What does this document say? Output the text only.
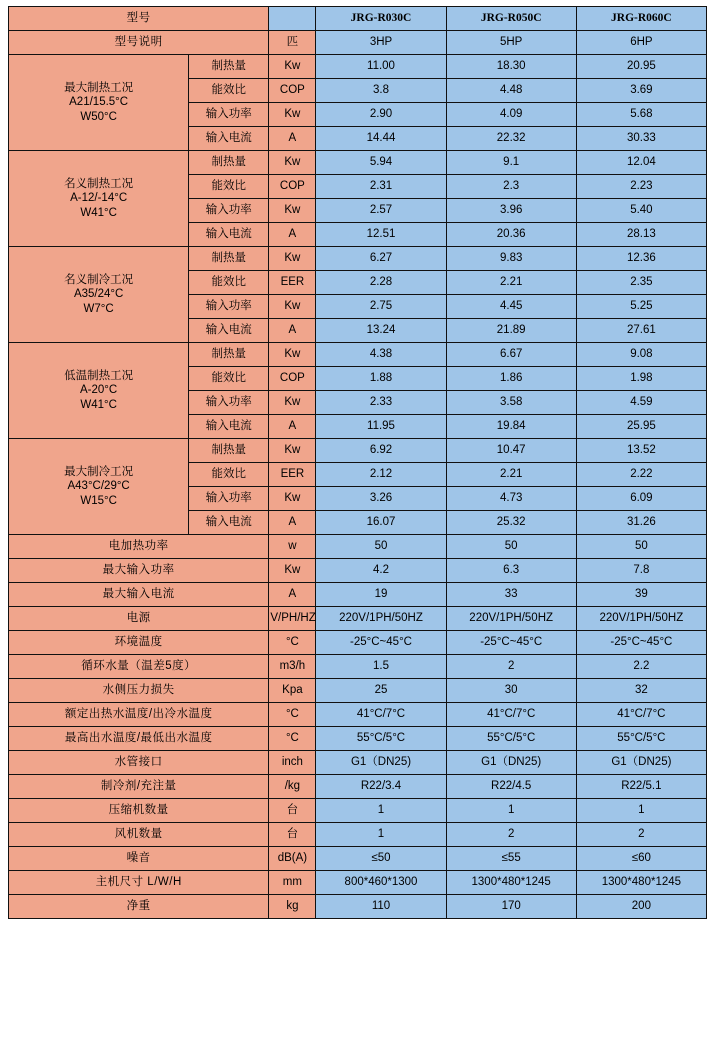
型号			JRG-R030C	JRG-R050C	JRG-R060C
型号说明		匹	3HP	5HP	6HP

最大制热工况
A21/15.5°C
W50°C	制热量	Kw	11.00	18.30	20.95
	能效比	COP	3.8	4.48	3.69
	输入功率	Kw	2.90	4.09	5.68
	输入电流	A	14.44	22.32	30.33

名义制热工况
A-12/-14°C
W41°C	制热量	Kw	5.94	9.1	12.04
	能效比	COP	2.31	2.3	2.23
	输入功率	Kw	2.57	3.96	5.40
	输入电流	A	12.51	20.36	28.13

名义制冷工况
A35/24°C
W7°C	制热量	Kw	6.27	9.83	12.36
	能效比	EER	2.28	2.21	2.35
	输入功率	Kw	2.75	4.45	5.25
	输入电流	A	13.24	21.89	27.61

低温制热工况
A-20°C
W41°C	制热量	Kw	4.38	6.67	9.08
	能效比	COP	1.88	1.86	1.98
	输入功率	Kw	2.33	3.58	4.59
	输入电流	A	11.95	19.84	25.95

最大制冷工况
A43°C/29°C
W15°C	制热量	Kw	6.92	10.47	13.52
	能效比	EER	2.12	2.21	2.22
	输入功率	Kw	3.26	4.73	6.09
	输入电流	A	16.07	25.32	31.26
电加热功率		w	50	50	50
最大输入功率		Kw	4.2	6.3	7.8
最大输入电流		A	19	33	39
电源		V/PH/HZ	220V/1PH/50HZ	220V/1PH/50HZ	220V/1PH/50HZ
环境温度		°C	-25°C~45°C	-25°C~45°C	-25°C~45°C
循环水量（温差5度）		m3/h	1.5	2	2.2
水侧压力损失		Kpa	25	30	32
额定出热水温度/出冷水温度		°C	41°C/7°C	41°C/7°C	41°C/7°C
最高出水温度/最低出水温度		°C	55°C/5°C	55°C/5°C	55°C/5°C
水管接口		inch	G1（DN25)	G1（DN25)	G1（DN25)
制冷剂/充注量		/kg	R22/3.4	R22/4.5	R22/5.1
压缩机数量		台	1	1	1
风机数量		台	1	2	2
噪音		dB(A)	≤50	≤55	≤60
主机尺寸 L/W/H		mm	800*460*1300	1300*480*1245	1300*480*1245
净重		kg	110	170	200
